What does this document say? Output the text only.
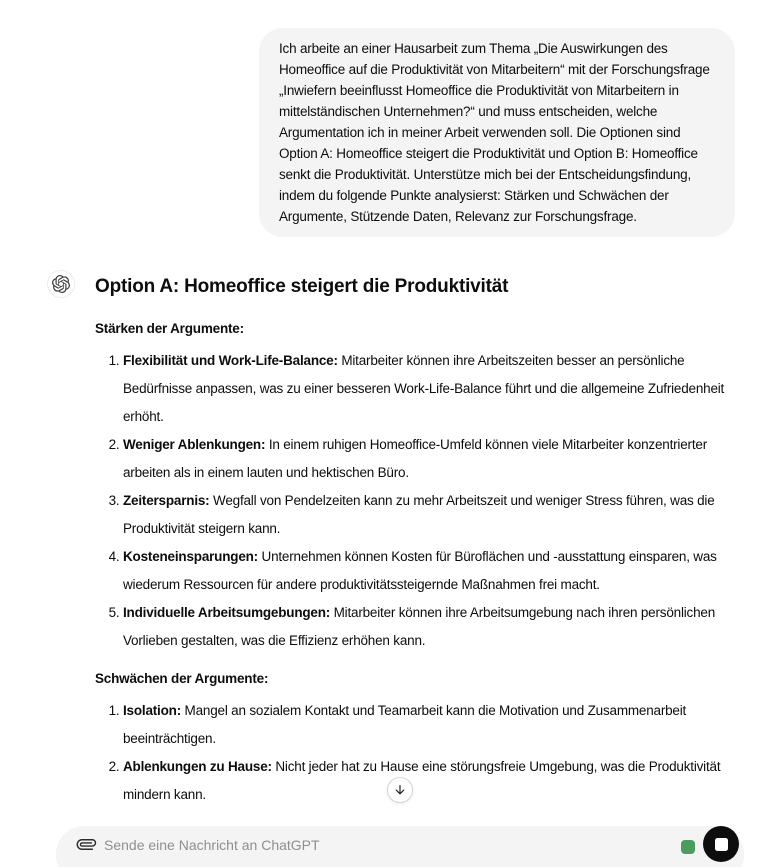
Ich arbeite an einer Hausarbeit zum Thema „Die Auswirkungen des Homeoffice auf die Produktivität von Mitarbeitern“ mit der Forschungsfrage „Inwiefern beeinflusst Homeoffice die Produktivität von Mitarbeitern in mittelständischen Unternehmen?“ und muss entscheiden, welche Argumentation ich in meiner Arbeit verwenden soll. Die Optionen sind Option A: Homeoffice steigert die Produktivität und Option B: Homeoffice senkt die Produktivität. Unterstütze mich bei der Entscheidungsfindung, indem du folgende Punkte analysierst: Stärken und Schwächen der Argumente, Stützende Daten, Relevanz zur Forschungsfrage.
Option A: Homeoffice steigert die Produktivität

Stärken der Argumente:

1. Flexibilität und Work-Life-Balance: Mitarbeiter können ihre Arbeitszeiten besser an persönliche Bedürfnisse anpassen, was zu einer besseren Work-Life-Balance führt und die allgemeine Zufriedenheit erhöht.
2. Weniger Ablenkungen: In einem ruhigen Homeoffice-Umfeld können viele Mitarbeiter konzentrierter arbeiten als in einem lauten und hektischen Büro.
3. Zeitersparnis: Wegfall von Pendelzeiten kann zu mehr Arbeitszeit und weniger Stress führen, was die Produktivität steigern kann.
4. Kosteneinsparungen: Unternehmen können Kosten für Büroflächen und -ausstattung einsparen, was wiederum Ressourcen für andere produktivitätssteigernde Maßnahmen frei macht.
5. Individuelle Arbeitsumgebungen: Mitarbeiter können ihre Arbeitsumgebung nach ihren persönlichen Vorlieben gestalten, was die Effizienz erhöhen kann.

Schwächen der Argumente:

1. Isolation: Mangel an sozialem Kontakt und Teamarbeit kann die Motivation und Zusammenarbeit beeinträchtigen.
2. Ablenkungen zu Hause: Nicht jeder hat zu Hause eine störungsfreie Umgebung, was die Produktivität mindern kann.
Sende eine Nachricht an ChatGPT
